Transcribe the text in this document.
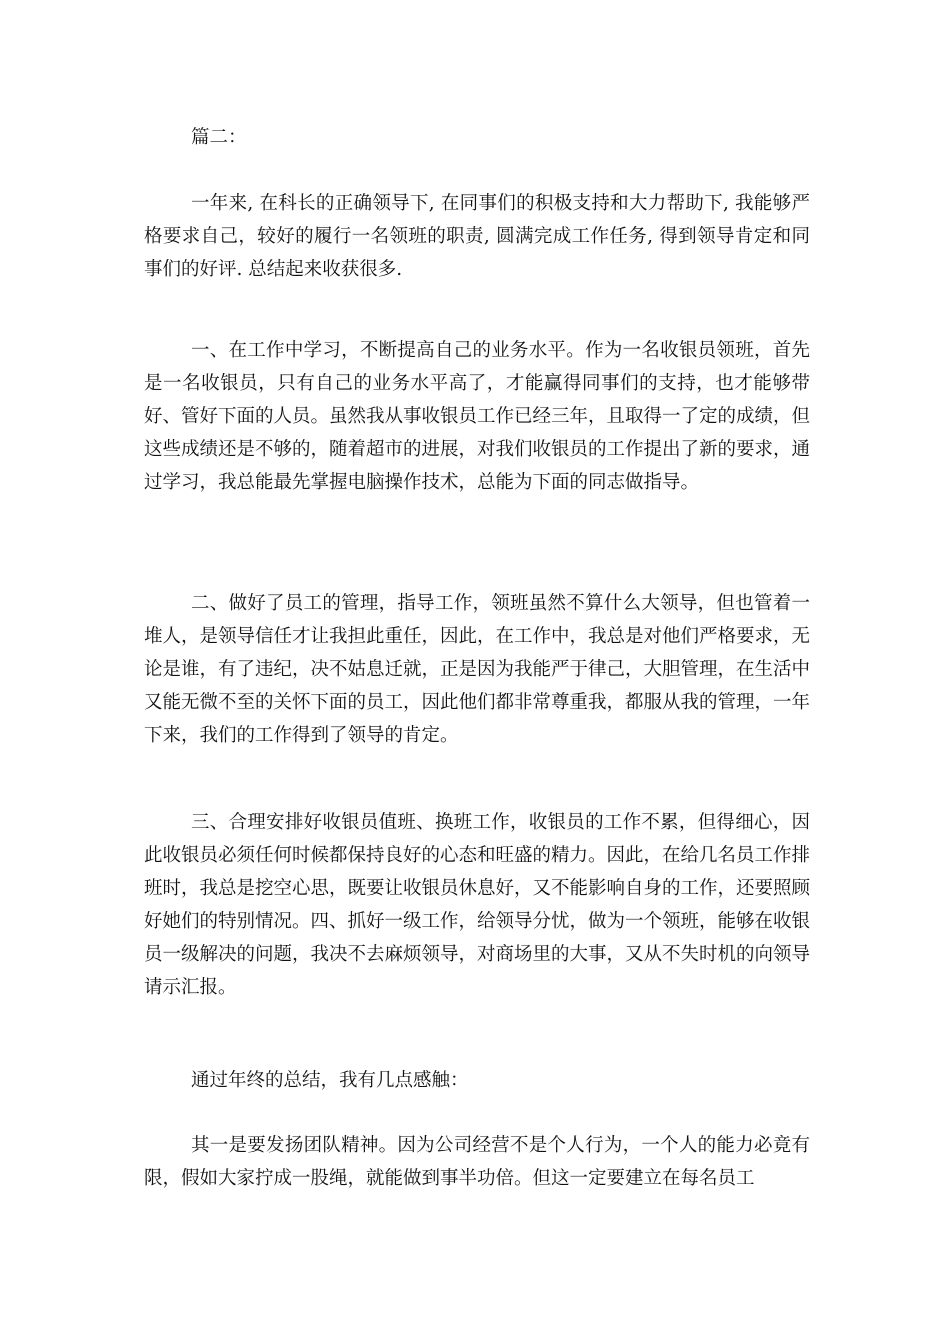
篇二：

一年来, 在科长的正确领导下, 在同事们的积极支持和大力帮助下, 我能够严格要求自己，较好的履行一名领班的职责, 圆满完成工作任务, 得到领导肯定和同事们的好评. 总结起来收获很多.

一、在工作中学习，不断提高自己的业务水平。作为一名收银员领班，首先是一名收银员，只有自己的业务水平高了，才能赢得同事们的支持，也才能够带好、管好下面的人员。虽然我从事收银员工作已经三年，且取得一了定的成绩，但这些成绩还是不够的，随着超市的进展，对我们收银员的工作提出了新的要求，通过学习，我总能最先掌握电脑操作技术，总能为下面的同志做指导。

二、做好了员工的管理，指导工作，领班虽然不算什么大领导，但也管着一堆人，是领导信任才让我担此重任，因此，在工作中，我总是对他们严格要求，无论是谁，有了违纪，决不姑息迁就，正是因为我能严于律己，大胆管理，在生活中又能无微不至的关怀下面的员工，因此他们都非常尊重我，都服从我的管理，一年下来，我们的工作得到了领导的肯定。

三、合理安排好收银员值班、换班工作，收银员的工作不累，但得细心，因此收银员必须任何时候都保持良好的心态和旺盛的精力。因此，在给几名员工作排班时，我总是挖空心思，既要让收银员休息好，又不能影响自身的工作，还要照顾好她们的特别情况。四、抓好一级工作，给领导分忧，做为一个领班，能够在收银员一级解决的问题，我决不去麻烦领导，对商场里的大事，又从不失时机的向领导请示汇报。

通过年终的总结，我有几点感触：

其一是要发扬团队精神。因为公司经营不是个人行为，一个人的能力必竟有限，假如大家拧成一股绳，就能做到事半功倍。但这一定要建立在每名员工
